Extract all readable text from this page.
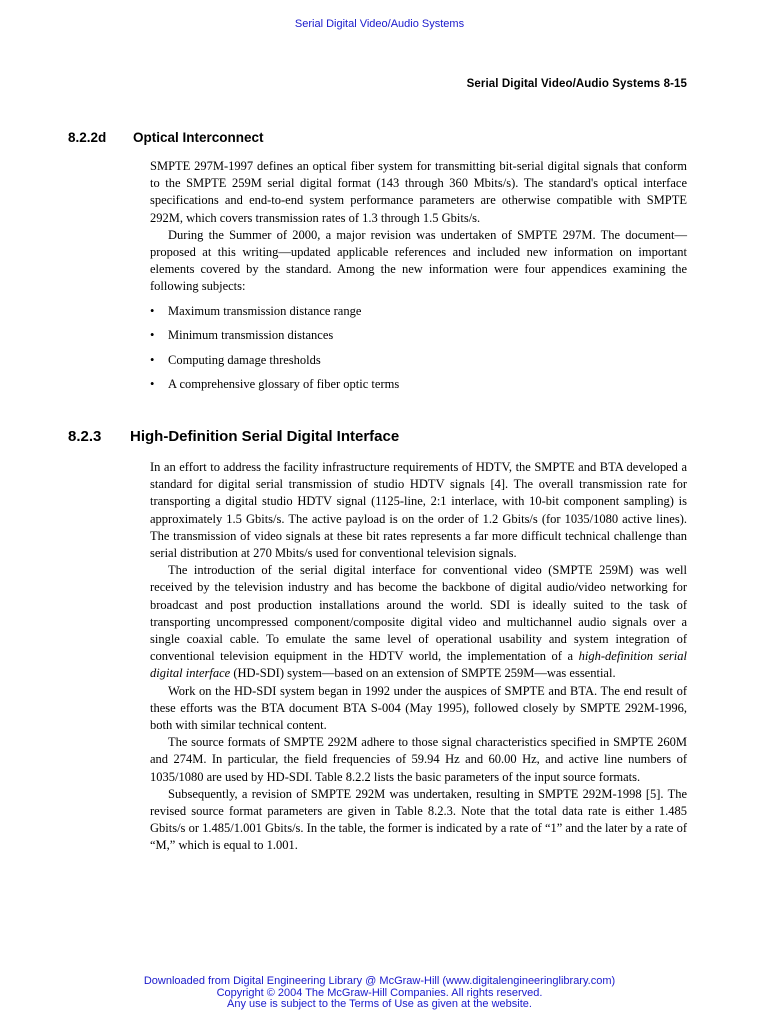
Serial Digital Video/Audio Systems
Serial Digital Video/Audio Systems 8-15
8.2.2d	Optical Interconnect

SMPTE 297M-1997 defines an optical fiber system for transmitting bit-serial digital signals that conform to the SMPTE 259M serial digital format (143 through 360 Mbits/s). The standard's optical interface specifications and end-to-end system performance parameters are otherwise compatible with SMPTE 292M, which covers transmission rates of 1.3 through 1.5 Gbits/s.

During the Summer of 2000, a major revision was undertaken of SMPTE 297M. The document—proposed at this writing—updated applicable references and included new information on important elements covered by the standard. Among the new information were four appendices examining the following subjects:

• Maximum transmission distance range
• Minimum transmission distances
• Computing damage thresholds
• A comprehensive glossary of fiber optic terms
8.2.3	High-Definition Serial Digital Interface

In an effort to address the facility infrastructure requirements of HDTV, the SMPTE and BTA developed a standard for digital serial transmission of studio HDTV signals [4]. The overall transmission rate for transporting a digital studio HDTV signal (1125-line, 2:1 interlace, with 10-bit component sampling) is approximately 1.5 Gbits/s. The active payload is on the order of 1.2 Gbits/s (for 1035/1080 active lines). The transmission of video signals at these bit rates represents a far more difficult technical challenge than serial distribution at 270 Mbits/s used for conventional television signals.

The introduction of the serial digital interface for conventional video (SMPTE 259M) was well received by the television industry and has become the backbone of digital audio/video networking for broadcast and post production installations around the world. SDI is ideally suited to the task of transporting uncompressed component/composite digital video and multichannel audio signals over a single coaxial cable. To emulate the same level of operational usability and system integration of conventional television equipment in the HDTV world, the implementation of a high-definition serial digital interface (HD-SDI) system—based on an extension of SMPTE 259M—was essential.

Work on the HD-SDI system began in 1992 under the auspices of SMPTE and BTA. The end result of these efforts was the BTA document BTA S-004 (May 1995), followed closely by SMPTE 292M-1996, both with similar technical content.

The source formats of SMPTE 292M adhere to those signal characteristics specified in SMPTE 260M and 274M. In particular, the field frequencies of 59.94 Hz and 60.00 Hz, and active line numbers of 1035/1080 are used by HD-SDI. Table 8.2.2 lists the basic parameters of the input source formats.

Subsequently, a revision of SMPTE 292M was undertaken, resulting in SMPTE 292M-1998 [5]. The revised source format parameters are given in Table 8.2.3. Note that the total data rate is either 1.485 Gbits/s or 1.485/1.001 Gbits/s. In the table, the former is indicated by a rate of “1” and the later by a rate of “M,” which is equal to 1.001.

Downloaded from Digital Engineering Library @ McGraw-Hill (www.digitalengineeringlibrary.com)
Copyright © 2004 The McGraw-Hill Companies. All rights reserved.
Any use is subject to the Terms of Use as given at the website.
